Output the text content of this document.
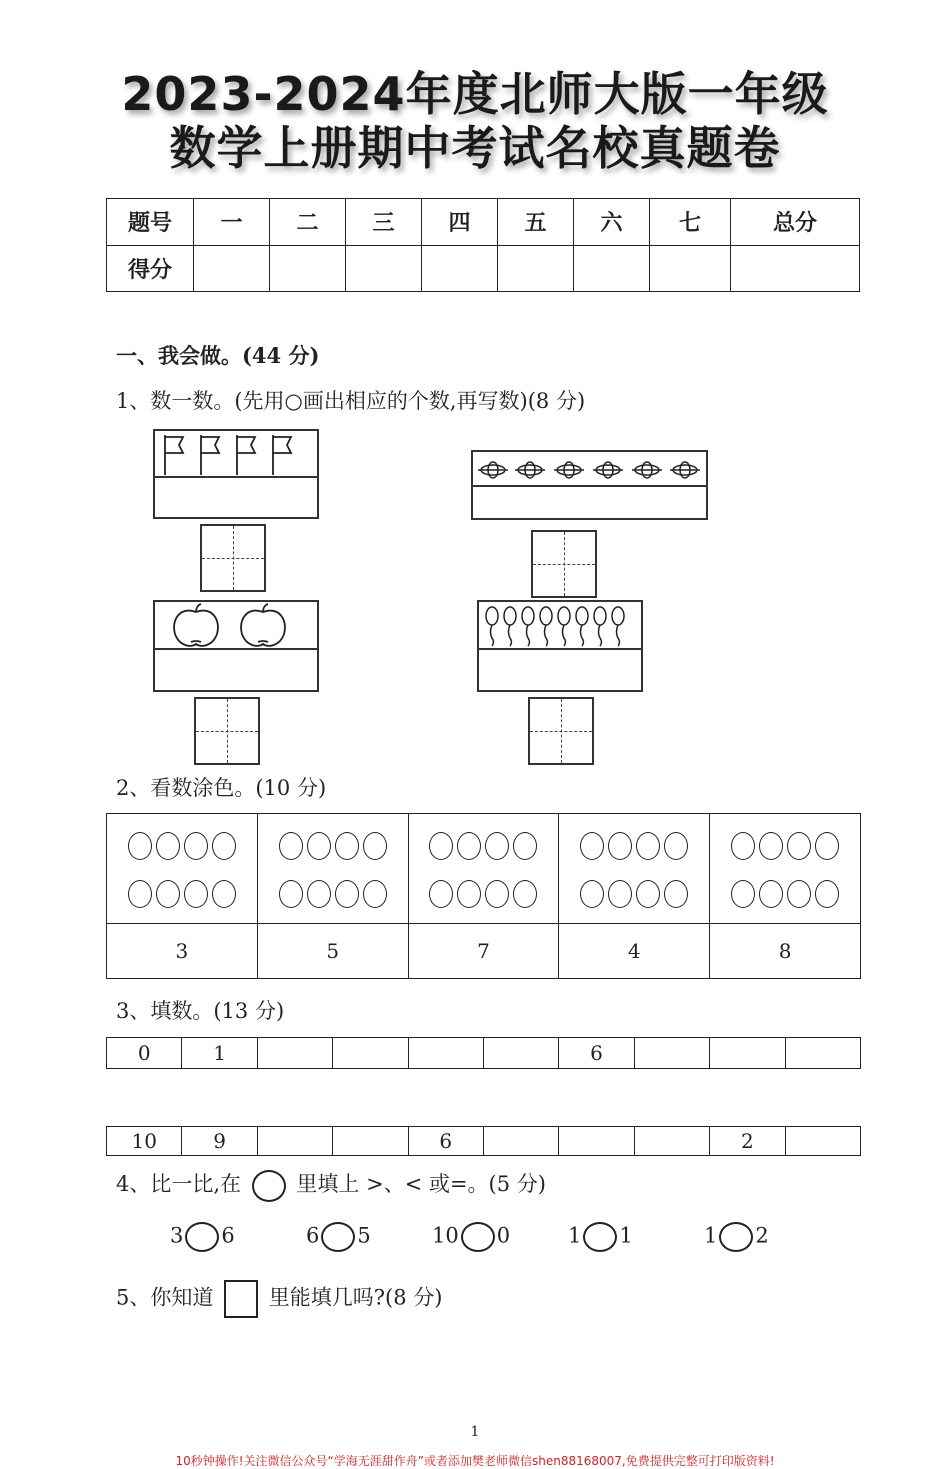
2023-2024年度北师大版一年级
数学上册期中考试名校真题卷
题号	一	二	三	四	五	六	七	总分
得分								
一、我会做。(44 分)
1、数一数。(先用○画出相应的个数,再写数)(8 分)
2、看数涂色。(10 分)

3	5	7	4	8
3、填数。(13 分)
0	1					6			
10	9			6				2	
4、比一比,在	里填上 >、< 或=。(5 分)
3 6	6 5	10 0	1 1	1 2
5、你知道	里能填几吗?(8 分)
1
10秒钟操作!关注微信公众号“学海无涯甜作舟”或者添加樊老师微信shen88168007,免费提供完整可打印版资料!
